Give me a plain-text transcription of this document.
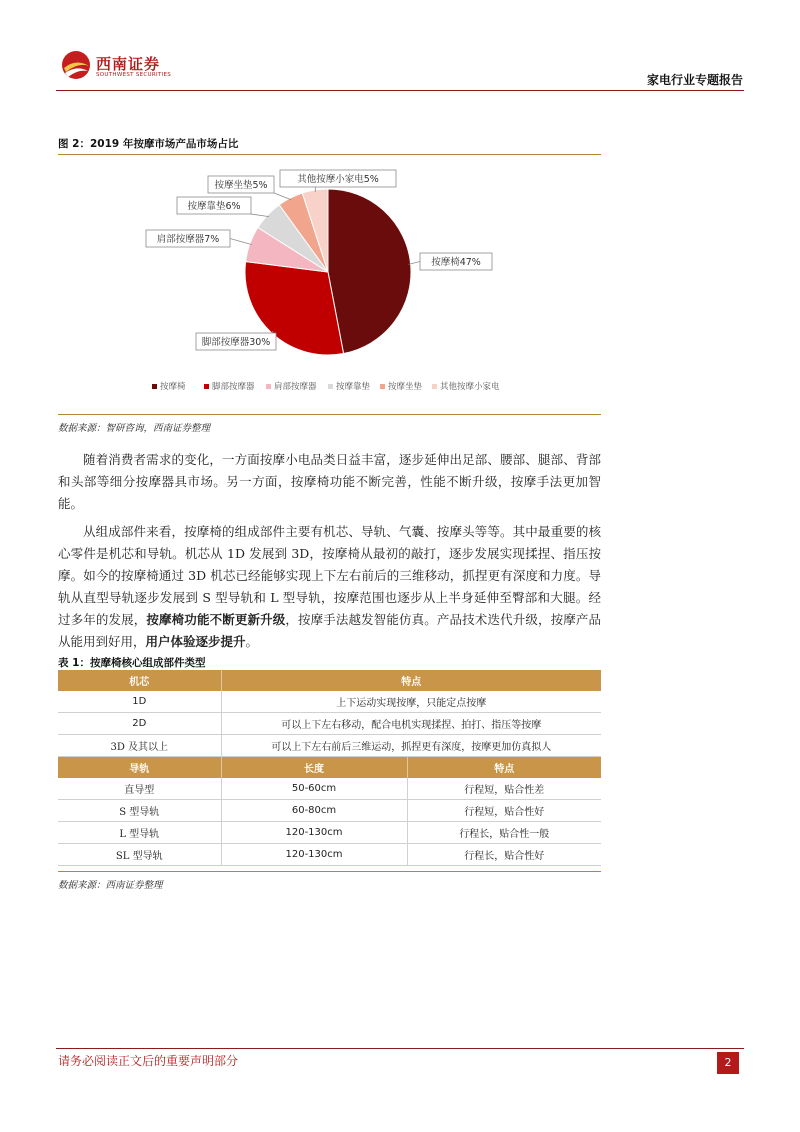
西南证券
SOUTHWEST SECURITIES	家电行业专题报告
图 2：2019 年按摩市场产品市场占比
按摩椅47%
脚部按摩器30%
肩部按摩器7%
按摩靠垫6%
按摩坐垫5%
其他按摩小家电5%
按摩椅	脚部按摩器 肩部按摩器 按摩靠垫 按摩坐垫 其他按摩小家电
数据来源：智研咨询，西南证券整理

随着消费者需求的变化，一方面按摩小电品类日益丰富，逐步延伸出足部、腰部、腿部、背部和头部等细分按摩器具市场。另一方面，按摩椅功能不断完善，性能不断升级，按摩手法更加智能。

从组成部件来看，按摩椅的组成部件主要有机芯、导轨、气囊、按摩头等等。其中最重要的核心零件是机芯和导轨。机芯从 1D 发展到 3D，按摩椅从最初的敲打，逐步发展实现揉捏、指压按摩。如今的按摩椅通过 3D 机芯已经能够实现上下左右前后的三维移动，抓捏更有深度和力度。导轨从直型导轨逐步发展到 S 型导轨和 L 型导轨，按摩范围也逐步从上半身延伸至臀部和大腿。经过多年的发展，按摩椅功能不断更新升级，按摩手法越发智能仿真。产品技术迭代升级，按摩产品从能用到好用，用户体验逐步提升。

表 1：按摩椅核心组成部件类型
机芯	特点	
1D	上下运动实现按摩，只能定点按摩	
2D	可以上下左右移动，配合电机实现揉捏、拍打、指压等按摩	
3D 及其以上	可以上下左右前后三维运动，抓捏更有深度，按摩更加仿真拟人	
导轨	长度	特点
直导型	50-60cm	行程短，贴合性差
S 型导轨	60-80cm	行程短，贴合性好
L 型导轨	120-130cm	行程长，贴合性一般
SL 型导轨	120-130cm	行程长，贴合性好
数据来源：西南证券整理
请务必阅读正文后的重要声明部分	2
